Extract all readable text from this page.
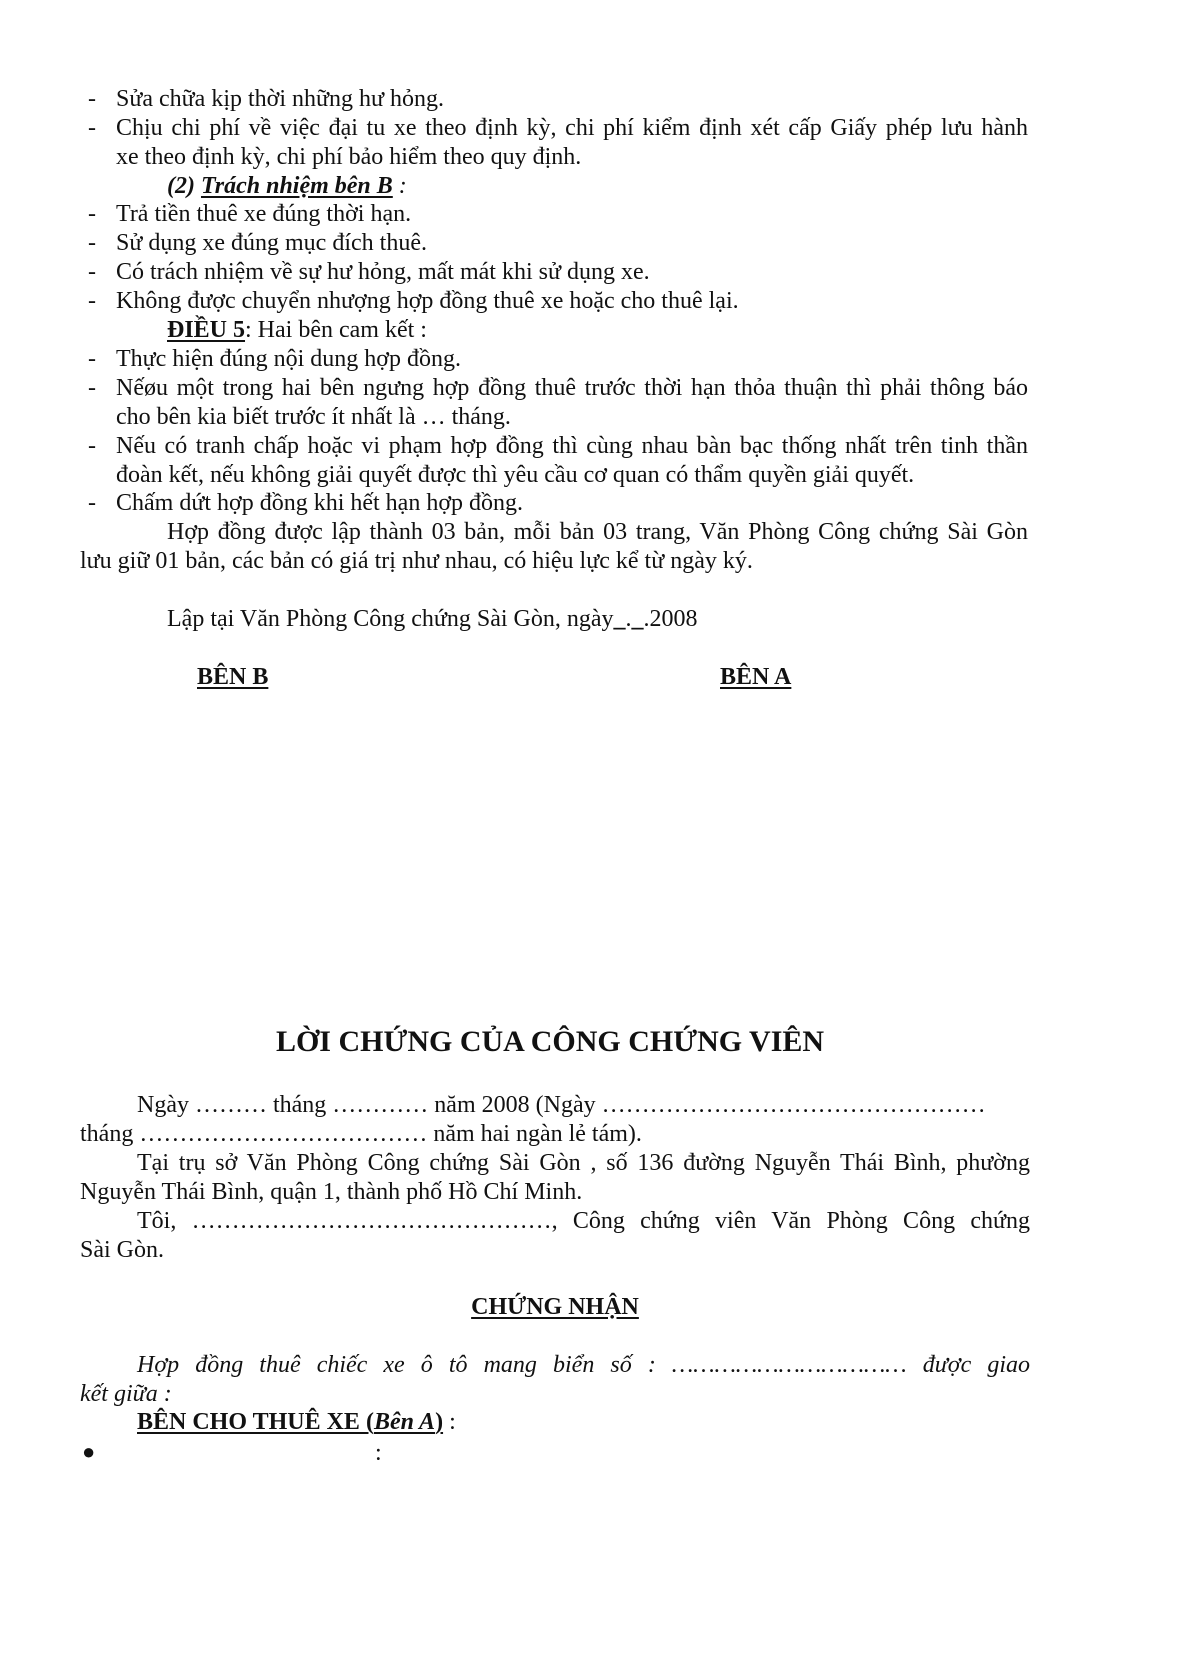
- Sửa chữa kịp thời những hư hỏng.
- Chịu chi phí về việc đại tu xe theo định kỳ, chi phí kiểm định xét cấp Giấy phép lưu hành
xe theo định kỳ, chi phí bảo hiểm theo quy định.
(2) Trách nhiệm bên B :
- Trả tiền thuê xe đúng thời hạn.
- Sử dụng xe đúng mục đích thuê.
- Có trách nhiệm về sự hư hỏng, mất mát khi sử dụng xe.
- Không được chuyển nhượng hợp đồng thuê xe hoặc cho thuê lại.
ĐIỀU 5: Hai bên cam kết :
- Thực hiện đúng nội dung hợp đồng.
- Nếøu một trong hai bên ngưng hợp đồng thuê trước thời hạn thỏa thuận thì phải thông báo
cho bên kia biết trước ít nhất là … tháng.
- Nếu có tranh chấp hoặc vi phạm hợp đồng thì cùng nhau bàn bạc thống nhất trên tinh thần
đoàn kết, nếu không giải quyết được thì yêu cầu cơ quan có thẩm quyền giải quyết.
- Chấm dứt hợp đồng khi hết hạn hợp đồng.
Hợp đồng được lập thành 03 bản, mỗi bản 03 trang, Văn Phòng Công chứng Sài Gòn
lưu giữ 01 bản, các bản có giá trị như nhau, có hiệu lực kể từ ngày ký.
Lập tại Văn Phòng Công chứng Sài Gòn, ngày_._.2008
BÊN B	BÊN A
LỜI CHỨNG CỦA CÔNG CHỨNG VIÊN
Ngày ……… tháng ………… năm 2008 (Ngày …………………………………………
tháng ……………………………… năm hai ngàn lẻ tám).
Tại trụ sở Văn Phòng Công chứng Sài Gòn , số 136 đường Nguyễn Thái Bình, phường
Nguyễn Thái Bình, quận 1, thành phố Hồ Chí Minh.
Tôi, ………………………………………, Công chứng viên Văn Phòng Công chứng
Sài Gòn.
CHỨNG NHẬN
Hợp đồng thuê chiếc xe ô tô mang biển số : …………………………… được giao
kết giữa :
BÊN CHO THUÊ XE (Bên A) :
●	:
